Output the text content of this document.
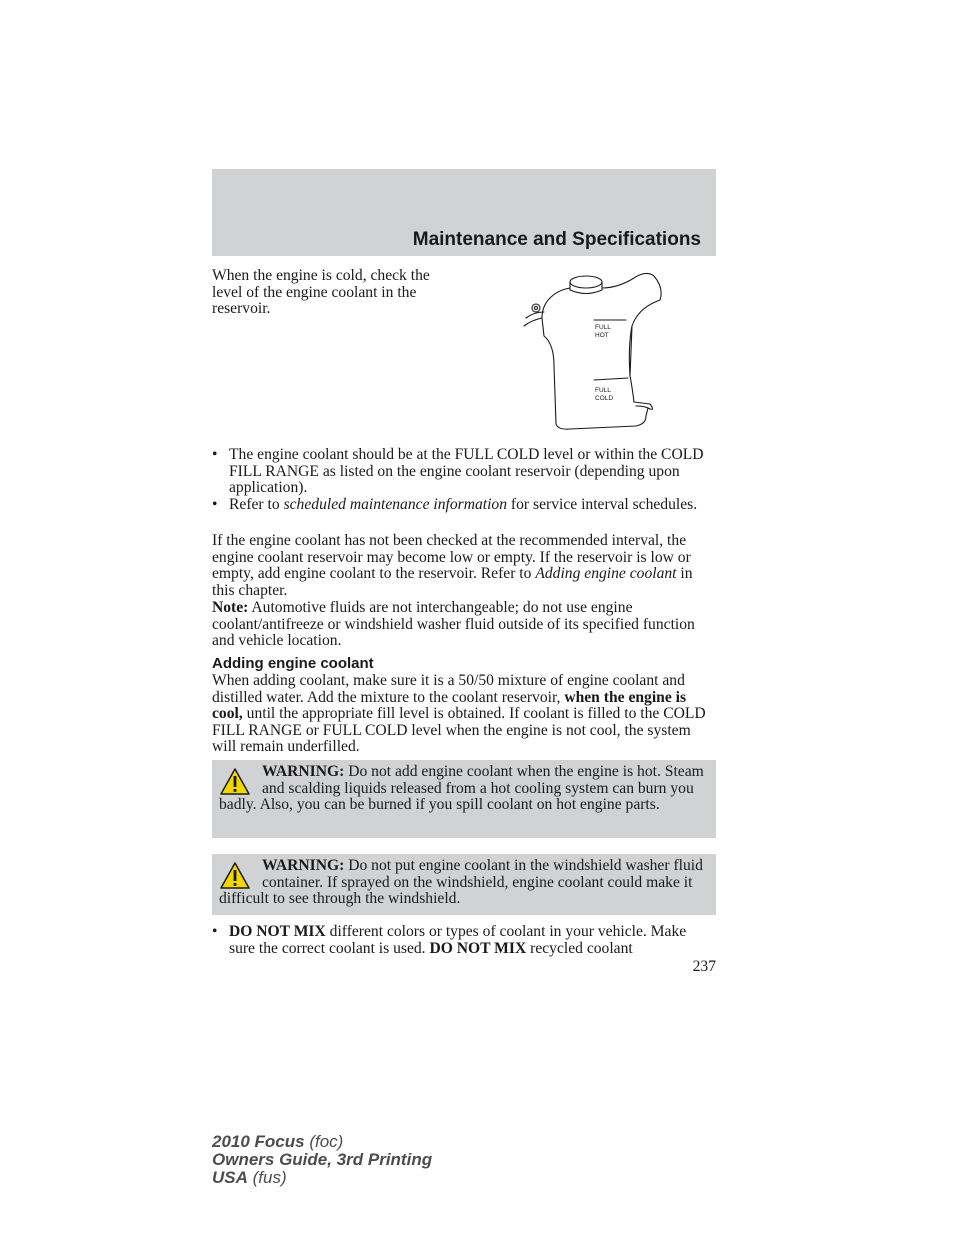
Maintenance and Specifications
When the engine is cold, check the level of the engine coolant in the reservoir.
FULL
HOT
FULL
COLD
• The engine coolant should be at the FULL COLD level or within the COLD FILL RANGE as listed on the engine coolant reservoir (depending upon application).
• Refer to scheduled maintenance information for service interval schedules.
If the engine coolant has not been checked at the recommended interval, the engine coolant reservoir may become low or empty. If the reservoir is low or empty, add engine coolant to the reservoir. Refer to Adding engine coolant in this chapter.
Note: Automotive fluids are not interchangeable; do not use engine coolant/antifreeze or windshield washer fluid outside of its specified function and vehicle location.
Adding engine coolant
When adding coolant, make sure it is a 50/50 mixture of engine coolant and distilled water. Add the mixture to the coolant reservoir, when the engine is cool, until the appropriate fill level is obtained. If coolant is filled to the COLD FILL RANGE or FULL COLD level when the engine is not cool, the system will remain underfilled.

WARNING: Do not add engine coolant when the engine is hot. Steam and scalding liquids released from a hot cooling system can burn you badly. Also, you can be burned if you spill coolant on hot engine parts.

WARNING: Do not put engine coolant in the windshield washer fluid container. If sprayed on the windshield, engine coolant could make it difficult to see through the windshield.

• DO NOT MIX different colors or types of coolant in your vehicle. Make sure the correct coolant is used. DO NOT MIX recycled coolant
237
2010 Focus (foc)
Owners Guide, 3rd Printing
USA (fus)
